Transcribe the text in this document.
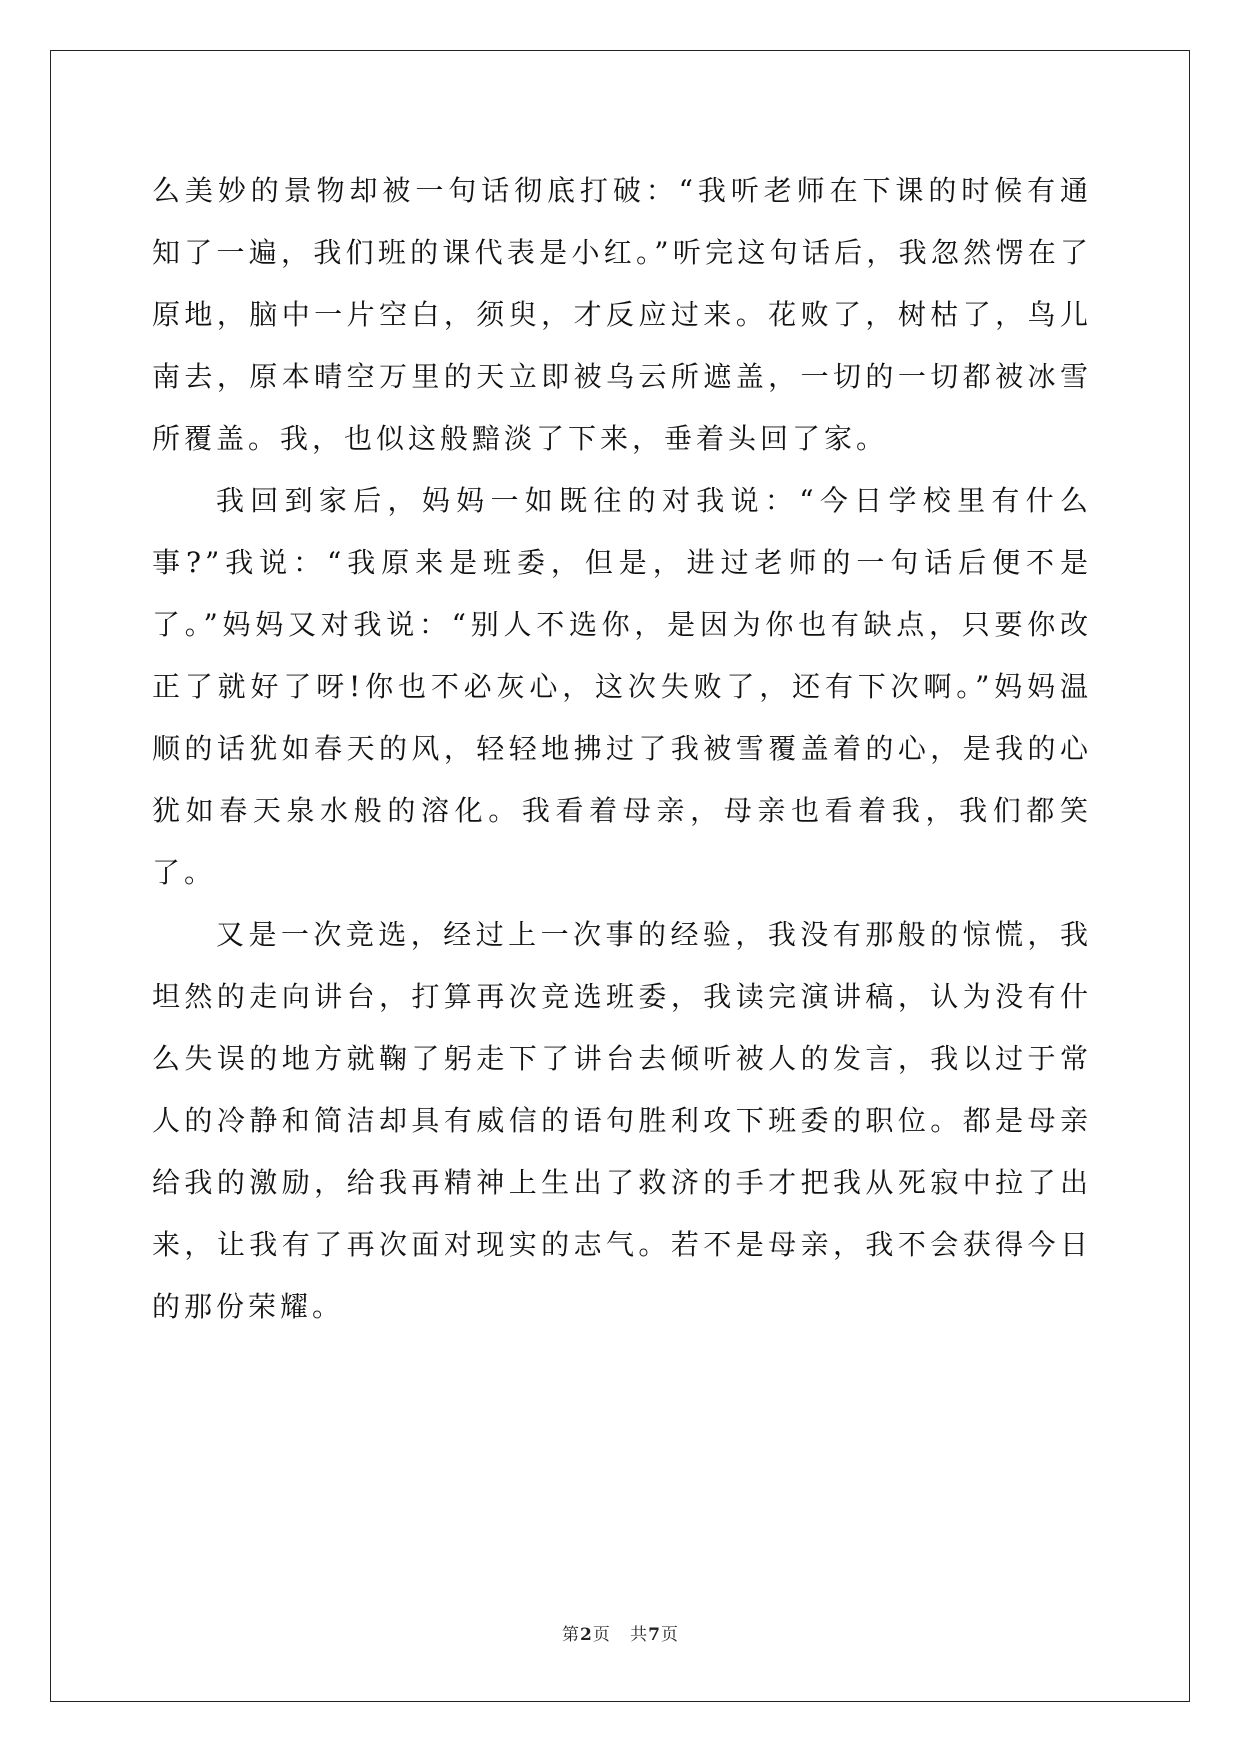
么美妙的景物却被一句话彻底打破：“我听老师在下课的时候有通知了一遍，我们班的课代表是小红。”听完这句话后，我忽然愣在了原地，脑中一片空白，须臾，才反应过来。花败了，树枯了，鸟儿南去，原本晴空万里的天立即被乌云所遮盖，一切的一切都被冰雪所覆盖。我，也似这般黯淡了下来，垂着头回了家。

我回到家后，妈妈一如既往的对我说：“今日学校里有什么事?”我说：“我原来是班委，但是，进过老师的一句话后便不是了。”妈妈又对我说：“别人不选你，是因为你也有缺点，只要你改正了就好了呀!你也不必灰心，这次失败了，还有下次啊。”妈妈温顺的话犹如春天的风，轻轻地拂过了我被雪覆盖着的心，是我的心犹如春天泉水般的溶化。我看着母亲，母亲也看着我，我们都笑了。

又是一次竞选，经过上一次事的经验，我没有那般的惊慌，我坦然的走向讲台，打算再次竞选班委，我读完演讲稿，认为没有什么失误的地方就鞠了躬走下了讲台去倾听被人的发言，我以过于常人的冷静和简洁却具有威信的语句胜利攻下班委的职位。都是母亲给我的激励，给我再精神上生出了救济的手才把我从死寂中拉了出来，让我有了再次面对现实的志气。若不是母亲，我不会获得今日的那份荣耀。

第2页 共7页
